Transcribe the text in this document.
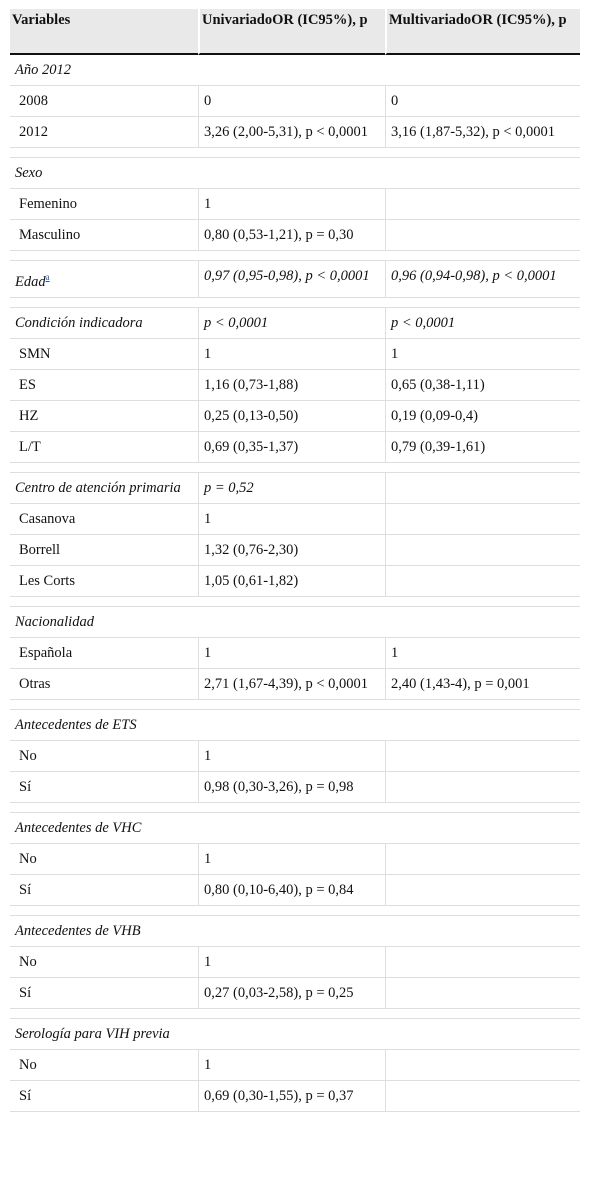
Variables	UnivariadoOR (IC95%), p	MultivariadoOR (IC95%), p
Año 2012		
2008	0	0
2012	3,26 (2,00-5,31), p < 0,0001	3,16 (1,87-5,32), p < 0,0001

Sexo		
Femenino	1	
Masculino	0,80 (0,53-1,21), p = 0,30	

Edad$^a$	0,97 (0,95-0,98), p < 0,0001	0,96 (0,94-0,98), p < 0,0001

Condición indicadora	p < 0,0001	p < 0,0001
SMN	1	1
ES	1,16 (0,73-1,88)	0,65 (0,38-1,11)
HZ	0,25 (0,13-0,50)	0,19 (0,09-0,4)
L/T	0,69 (0,35-1,37)	0,79 (0,39-1,61)

Centro de atención primaria	p = 0,52	
Casanova	1	
Borrell	1,32 (0,76-2,30)	
Les Corts	1,05 (0,61-1,82)	

Nacionalidad		
Española	1	1
Otras	2,71 (1,67-4,39), p < 0,0001	2,40 (1,43-4), p = 0,001

Antecedentes de ETS		
No	1	
Sí	0,98 (0,30-3,26), p = 0,98	

Antecedentes de VHC		
No	1	
Sí	0,80 (0,10-6,40), p = 0,84	

Antecedentes de VHB		
No	1	
Sí	0,27 (0,03-2,58), p = 0,25	

Serología para VIH previa		
No	1	
Sí	0,69 (0,30-1,55), p = 0,37	
